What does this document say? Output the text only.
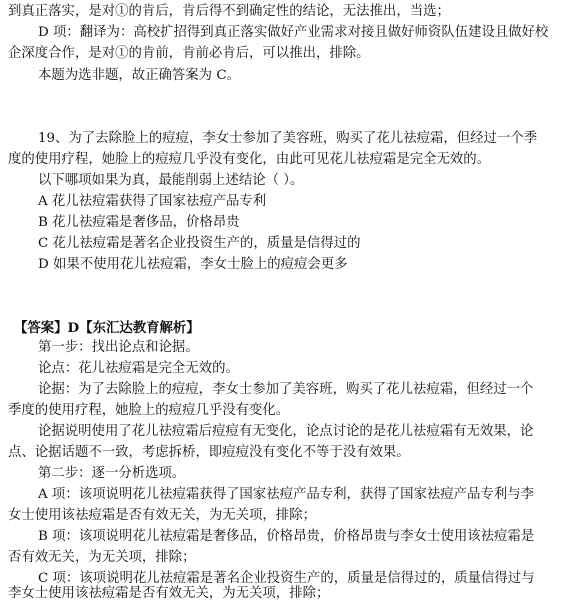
到真正落实，是对①的肯后，肯后得不到确定性的结论，无法推出，当选；

D 项：翻译为：高校扩招得到真正落实做好产业需求对接且做好师资队伍建设且做好校

企深度合作，是对①的肯前，肯前必肯后，可以推出，排除。

本题为选非题，故正确答案为 C。

19、为了去除脸上的痘痘，李女士参加了美容班，购买了花儿祛痘霜，但经过一个季

度的使用疗程，她脸上的痘痘几乎没有变化，由此可见花儿祛痘霜是完全无效的。

以下哪项如果为真，最能削弱上述结论（ ）。

A 花儿祛痘霜获得了国家祛痘产品专利

B 花儿祛痘霜是奢侈品，价格昂贵

C 花儿祛痘霜是著名企业投资生产的，质量是信得过的

D 如果不使用花儿祛痘霜，李女士脸上的痘痘会更多

【答案】D【东汇达教育解析】

第一步：找出论点和论据。

论点：花儿祛痘霜是完全无效的。

论据：为了去除脸上的痘痘，李女士参加了美容班，购买了花儿祛痘霜，但经过一个

季度的使用疗程，她脸上的痘痘几乎没有变化。

论据说明使用了花儿祛痘霜后痘痘有无变化，论点讨论的是花儿祛痘霜有无效果，论

点、论据话题不一致，考虑拆桥，即痘痘没有变化不等于没有效果。

第二步：逐一分析选项。

A 项：该项说明花儿祛痘霜获得了国家祛痘产品专利，获得了国家祛痘产品专利与李

女士使用该祛痘霜是否有效无关，为无关项，排除；

B 项：该项说明花儿祛痘霜是奢侈品，价格昂贵，价格昂贵与李女士使用该祛痘霜是

否有效无关，为无关项，排除；

C 项：该项说明花儿祛痘霜是著名企业投资生产的，质量是信得过的，质量信得过与

李女士使用该祛痘霜是否有效无关，为无关项，排除；
